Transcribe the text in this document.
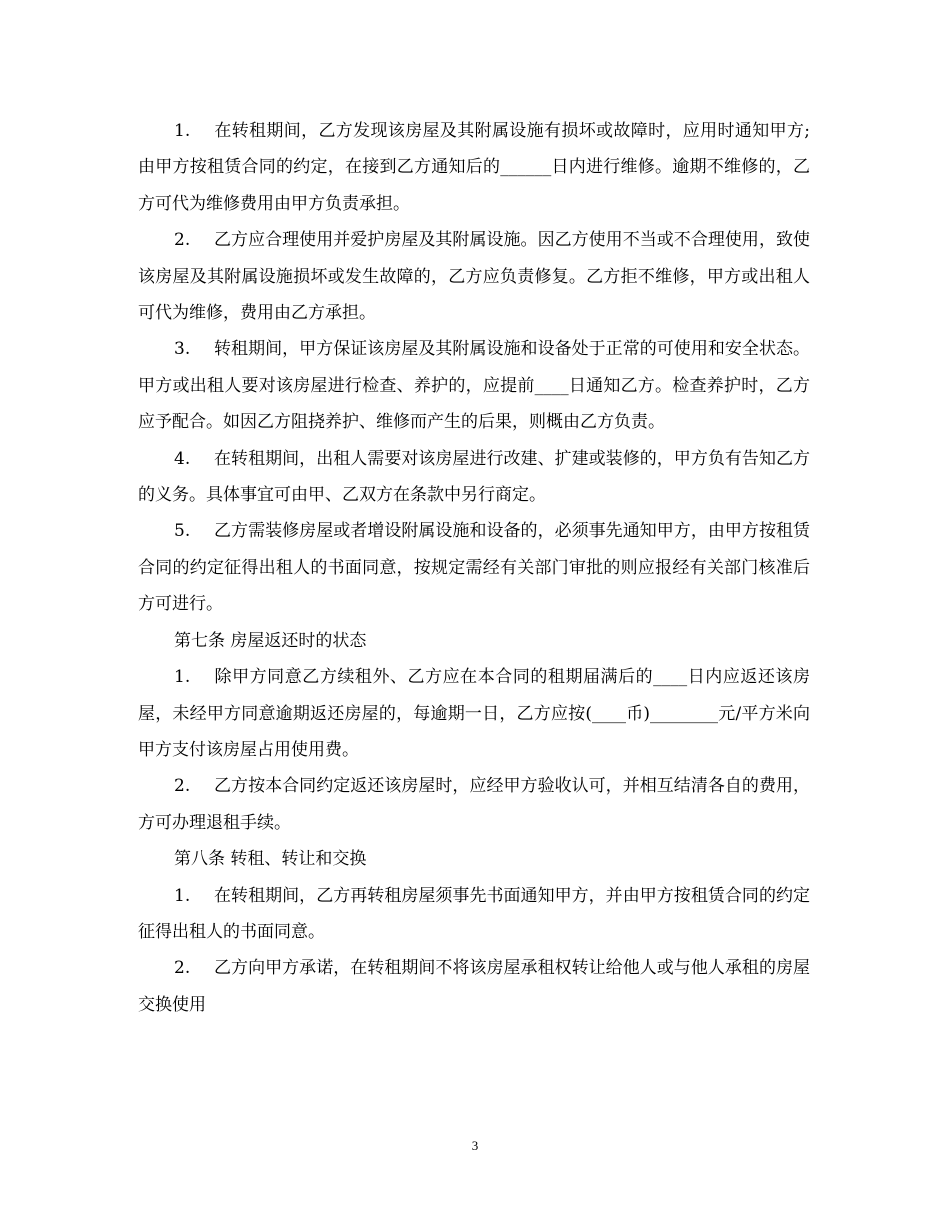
1. 在转租期间，乙方发现该房屋及其附属设施有损坏或故障时，应用时通知甲方;由甲方按租赁合同的约定，在接到乙方通知后的______日内进行维修。逾期不维修的，乙方可代为维修费用由甲方负责承担。

2. 乙方应合理使用并爱护房屋及其附属设施。因乙方使用不当或不合理使用，致使该房屋及其附属设施损坏或发生故障的，乙方应负责修复。乙方拒不维修，甲方或出租人可代为维修，费用由乙方承担。

3. 转租期间，甲方保证该房屋及其附属设施和设备处于正常的可使用和安全状态。甲方或出租人要对该房屋进行检查、养护的，应提前____日通知乙方。检查养护时，乙方应予配合。如因乙方阻挠养护、维修而产生的后果，则概由乙方负责。

4. 在转租期间，出租人需要对该房屋进行改建、扩建或装修的，甲方负有告知乙方的义务。具体事宜可由甲、乙双方在条款中另行商定。

5. 乙方需装修房屋或者增设附属设施和设备的，必须事先通知甲方，由甲方按租赁合同的约定征得出租人的书面同意，按规定需经有关部门审批的则应报经有关部门核准后方可进行。

第七条 房屋返还时的状态

1. 除甲方同意乙方续租外、乙方应在本合同的租期届满后的____日内应返还该房屋，未经甲方同意逾期返还房屋的，每逾期一日，乙方应按(____币)________元/平方米向甲方支付该房屋占用使用费。

2. 乙方按本合同约定返还该房屋时，应经甲方验收认可，并相互结清各自的费用，方可办理退租手续。

第八条 转租、转让和交换

1. 在转租期间，乙方再转租房屋须事先书面通知甲方，并由甲方按租赁合同的约定征得出租人的书面同意。

2. 乙方向甲方承诺，在转租期间不将该房屋承租权转让给他人或与他人承租的房屋交换使用

3
